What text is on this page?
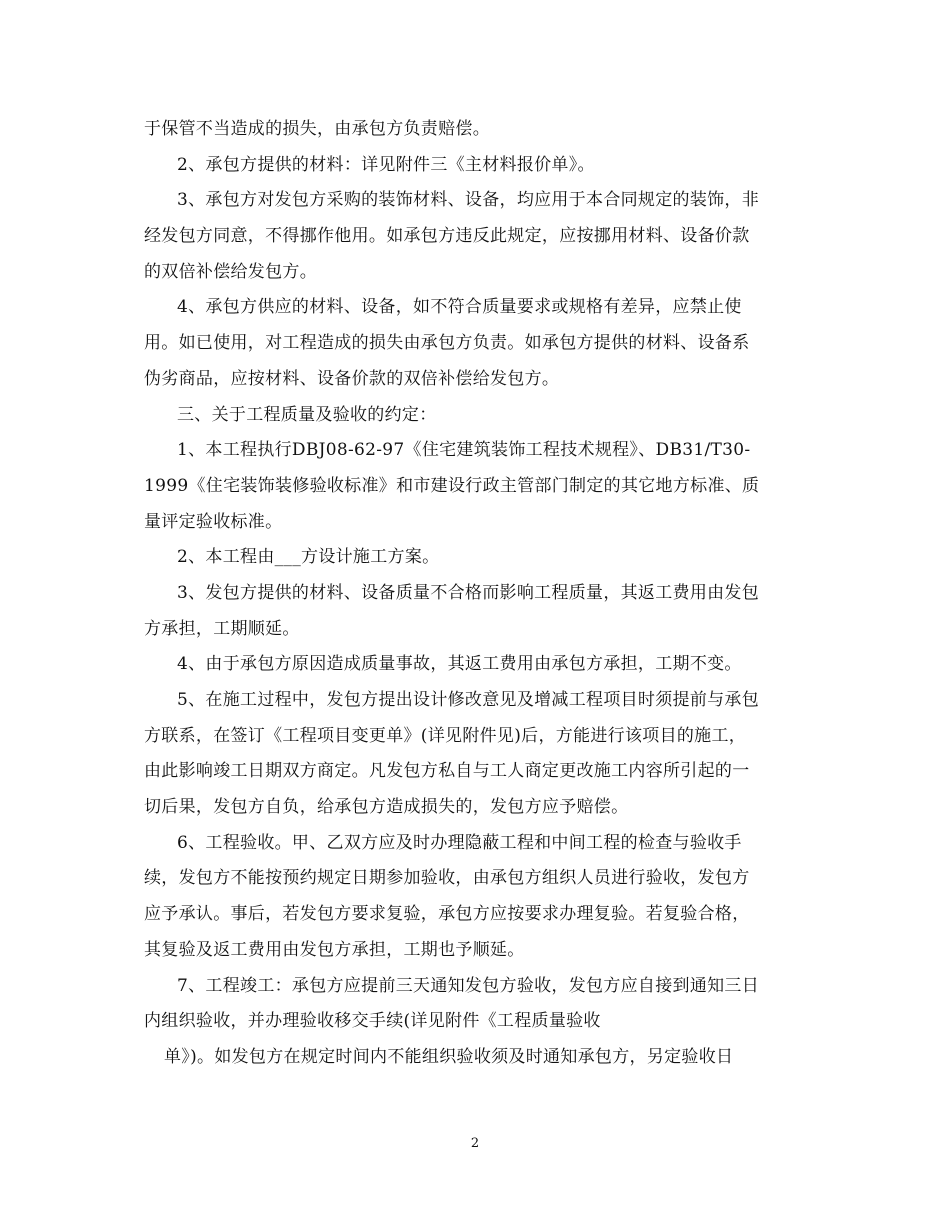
于保管不当造成的损失，由承包方负责赔偿。
2、承包方提供的材料：详见附件三《主材料报价单》。
3、承包方对发包方采购的装饰材料、设备，均应用于本合同规定的装饰，非
经发包方同意，不得挪作他用。如承包方违反此规定，应按挪用材料、设备价款
的双倍补偿给发包方。
4、承包方供应的材料、设备，如不符合质量要求或规格有差异，应禁止使
用。如已使用，对工程造成的损失由承包方负责。如承包方提供的材料、设备系
伪劣商品，应按材料、设备价款的双倍补偿给发包方。
三、关于工程质量及验收的约定：
1、本工程执行DBJ08-62-97《住宅建筑装饰工程技术规程》、DB31/T30-
1999《住宅装饰装修验收标准》和市建设行政主管部门制定的其它地方标准、质
量评定验收标准。
2、本工程由___方设计施工方案。
3、发包方提供的材料、设备质量不合格而影响工程质量，其返工费用由发包
方承担，工期顺延。
4、由于承包方原因造成质量事故，其返工费用由承包方承担，工期不变。
5、在施工过程中，发包方提出设计修改意见及增减工程项目时须提前与承包
方联系，在签订《工程项目变更单》(详见附件见)后，方能进行该项目的施工，
由此影响竣工日期双方商定。凡发包方私自与工人商定更改施工内容所引起的一
切后果，发包方自负，给承包方造成损失的，发包方应予赔偿。
6、工程验收。甲、乙双方应及时办理隐蔽工程和中间工程的检查与验收手
续，发包方不能按预约规定日期参加验收，由承包方组织人员进行验收，发包方
应予承认。事后，若发包方要求复验，承包方应按要求办理复验。若复验合格，
其复验及返工费用由发包方承担，工期也予顺延。
7、工程竣工：承包方应提前三天通知发包方验收，发包方应自接到通知三日
内组织验收，并办理验收移交手续(详见附件《工程质量验收
单》)。如发包方在规定时间内不能组织验收须及时通知承包方，另定验收日
2
